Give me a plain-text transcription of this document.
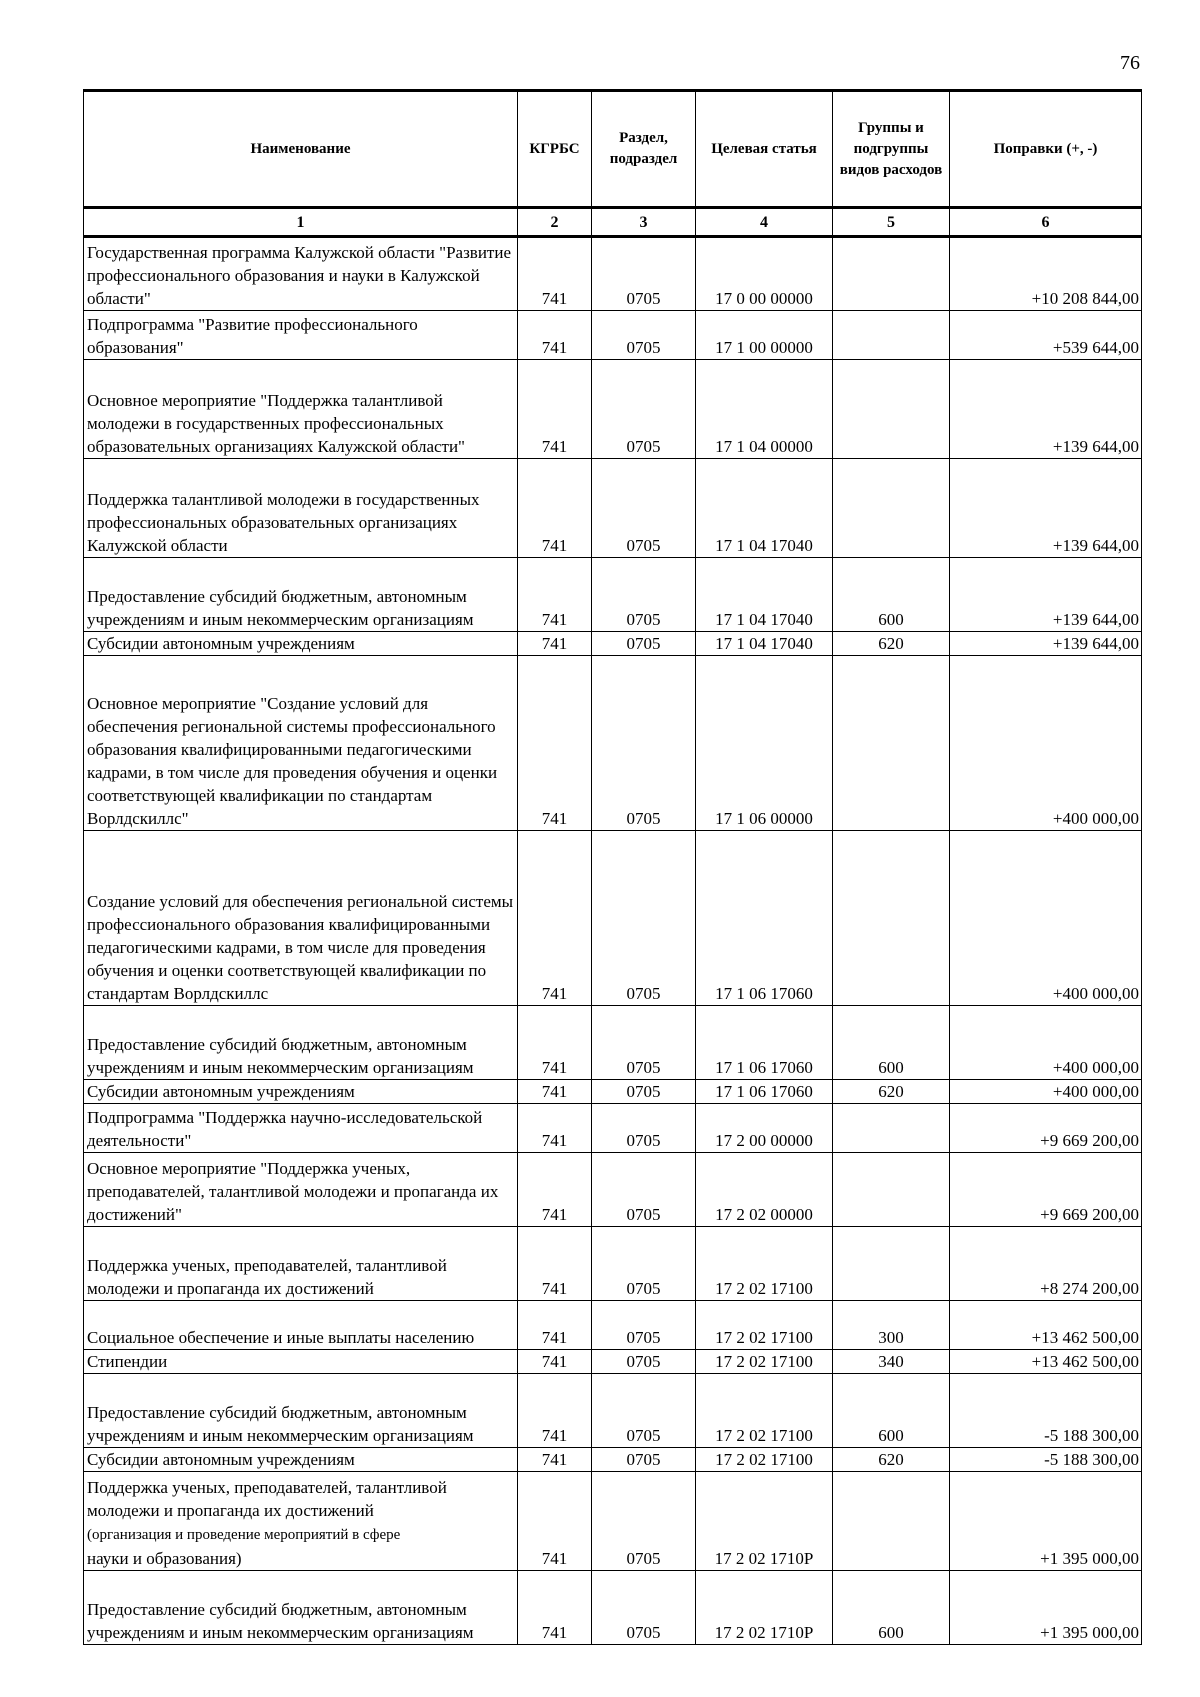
76
Наименование	КГРБС	Раздел, подраздел	Целевая статья	Группы и подгруппы видов расходов	Поправки (+, -)
1	2	3	4	5	6
Государственная программа Калужской области "Развитие профессионального образования и науки в Калужской области"	741	0705	17 0 00 00000		+10 208 844,00
Подпрограмма "Развитие профессионального образования"	741	0705	17 1 00 00000		+539 644,00
Основное мероприятие "Поддержка талантливой молодежи в государственных профессиональных образовательных организациях Калужской области"	741	0705	17 1 04 00000		+139 644,00
Поддержка талантливой молодежи в государственных профессиональных образовательных организациях Калужской области	741	0705	17 1 04 17040		+139 644,00
Предоставление субсидий бюджетным, автономным учреждениям и иным некоммерческим организациям	741	0705	17 1 04 17040	600	+139 644,00
Субсидии автономным учреждениям	741	0705	17 1 04 17040	620	+139 644,00
Основное мероприятие "Создание условий для обеспечения региональной системы профессионального образования квалифицированными педагогическими кадрами, в том числе для проведения обучения и оценки соответствующей квалификации по стандартам Ворлдскиллс"	741	0705	17 1 06 00000		+400 000,00
Создание условий для обеспечения региональной системы профессионального образования квалифицированными педагогическими кадрами, в том числе для проведения обучения и оценки соответствующей квалификации по стандартам Ворлдскиллс	741	0705	17 1 06 17060		+400 000,00
Предоставление субсидий бюджетным, автономным учреждениям и иным некоммерческим организациям	741	0705	17 1 06 17060	600	+400 000,00
Субсидии автономным учреждениям	741	0705	17 1 06 17060	620	+400 000,00
Подпрограмма "Поддержка научно-исследовательской деятельности"	741	0705	17 2 00 00000		+9 669 200,00
Основное мероприятие "Поддержка ученых, преподавателей, талантливой молодежи и пропаганда их достижений"	741	0705	17 2 02 00000		+9 669 200,00
Поддержка ученых, преподавателей, талантливой молодежи и пропаганда их достижений	741	0705	17 2 02 17100		+8 274 200,00
Социальное обеспечение и иные выплаты населению	741	0705	17 2 02 17100	300	+13 462 500,00
Стипендии	741	0705	17 2 02 17100	340	+13 462 500,00
Предоставление субсидий бюджетным, автономным учреждениям и иным некоммерческим организациям	741	0705	17 2 02 17100	600	-5 188 300,00
Субсидии автономным учреждениям	741	0705	17 2 02 17100	620	-5 188 300,00
Поддержка ученых, преподавателей, талантливой молодежи и пропаганда их достижений
(организация и проведение мероприятий в сфере
науки и образования)	741	0705	17 2 02 1710P		+1 395 000,00
Предоставление субсидий бюджетным, автономным учреждениям и иным некоммерческим организациям	741	0705	17 2 02 1710P	600	+1 395 000,00
